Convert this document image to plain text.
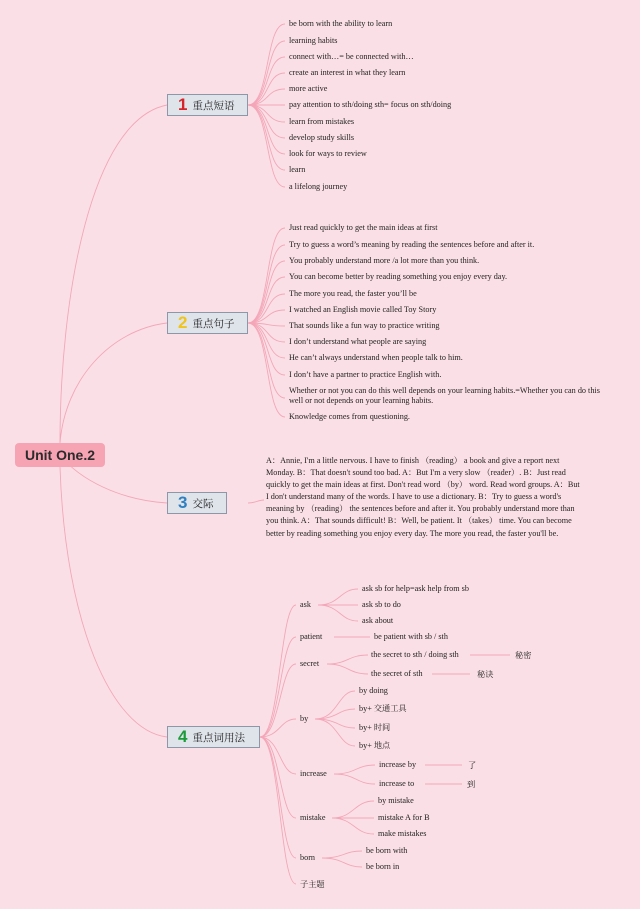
Unit One.2
1 重点短语
2 重点句子
3 交际
4 重点词用法
be born with the ability to learn
learning habits
connect with…= be connected with…
create an interest in what they learn
more active
pay attention to sth/doing sth= focus on sth/doing
learn from mistakes
develop study skills
look for ways to review
learn
a lifelong journey
Just read quickly to get the main ideas at first
Try to guess a word’s meaning by reading the sentences before and after it.
You probably understand more /a lot more than you think.
You can become better by reading something you enjoy every day.
The more you read, the faster you’ll be
I watched an English movie called Toy Story
That sounds like a fun way to practice writing
I don’t understand what people are saying
He can’t always understand when people talk to him.
I don’t have a partner to practice English with.
Whether or not you can do this well depends on your learning habits.=Whether you can do this well or not depends on your learning habits.
Knowledge comes from questioning.
A：Annie, I'm a little nervous. I have to finish （reading） a book and give a report next Monday. B：That doesn't sound too bad. A：But I'm a very slow （reader）. B：Just read quickly to get the main ideas at first. Don't read word （by） word. Read word groups. A：But I don't understand many of the words. I have to use a dictionary. B：Try to guess a word's meaning by （reading） the sentences before and after it. You probably understand more than you think. A：That sounds difficult! B：Well, be patient. It （takes） time. You can become better by reading something you enjoy every day. The more you read, the faster you'll be.
ask
ask sb for help=ask help from sb
ask sb to do
ask about
patient	be patient with sb / sth
secret
the secret to sth / doing sth
the secret of sth
秘密
秘诀
by
by doing
by+ 交通工具
by+ 时间
by+ 地点
increase
increase by
increase to
了
到
mistake
by mistake
mistake A for B
make mistakes
born
be born with
be born in
子主题
